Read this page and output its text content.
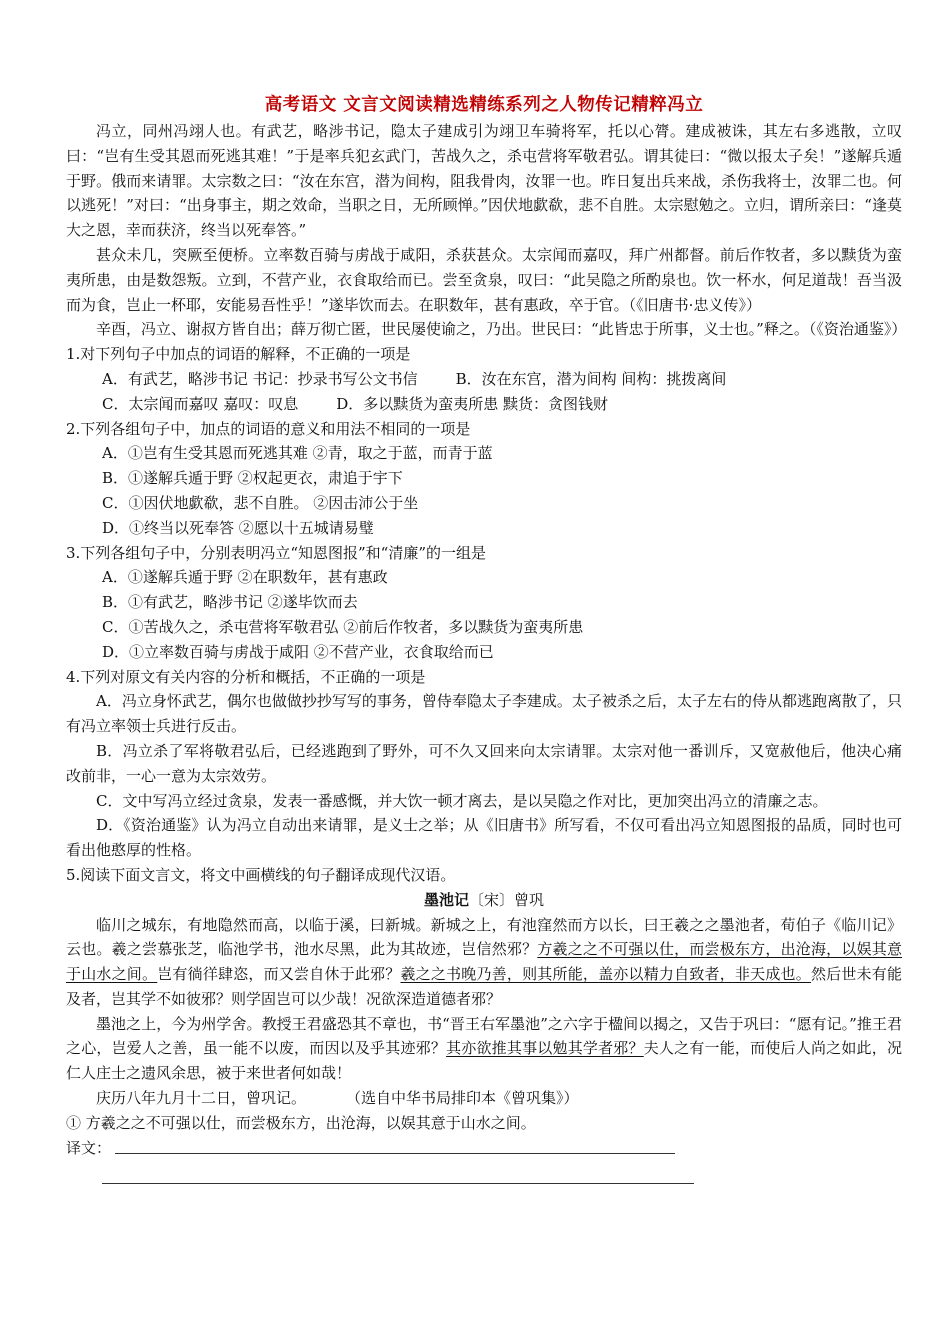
高考语文 文言文阅读精选精练系列之人物传记精粹冯立

冯立，同州冯翊人也。有武艺，略涉书记，隐太子建成引为翊卫车骑将军，托以心膂。建成被诛，其左右多逃散，立叹曰：“岂有生受其恩而死逃其难！”于是率兵犯玄武门，苦战久之，杀屯营将军敬君弘。谓其徒曰：“微以报太子矣！”遂解兵遁于野。俄而来请罪。太宗数之曰：“汝在东宫，潜为间构，阻我骨肉，汝罪一也。昨日复出兵来战，杀伤我将士，汝罪二也。何以逃死！”对曰：“出身事主，期之效命，当职之日，无所顾惮。”因伏地歔欷，悲不自胜。太宗慰勉之。立归，谓所亲曰：“逢莫大之恩，幸而获济，终当以死奉答。”

甚众未几，突厥至便桥。立率数百骑与虏战于咸阳，杀获甚众。太宗闻而嘉叹，拜广州都督。前后作牧者，多以黩货为蛮夷所患，由是数怨叛。立到，不营产业，衣食取给而已。尝至贪泉，叹曰：“此吴隐之所酌泉也。饮一杯水，何足道哉！吾当汲而为食，岂止一杯耶，安能易吾性乎！”遂毕饮而去。在职数年，甚有惠政，卒于官。（《旧唐书·忠义传》）

辛酉，冯立、谢叔方皆自出；薛万彻亡匿，世民屡使谕之，乃出。世民曰：“此皆忠于所事，义士也。”释之。（《资治通鉴》）

1.对下列句子中加点的词语的解释，不正确的一项是

A．有武艺，略涉书记 书记：抄录书写公文书信	B．汝在东宫，潜为间构 间构：挑拨离间

C．太宗闻而嘉叹 嘉叹：叹息	D．多以黩货为蛮夷所患 黩货：贪图钱财

2.下列各组句子中，加点的词语的意义和用法不相同的一项是

A．①岂有生受其恩而死逃其难 ②青，取之于蓝，而青于蓝

B．①遂解兵遁于野 ②权起更衣，肃追于宇下

C．①因伏地歔欷，悲不自胜。 ②因击沛公于坐

D．①终当以死奉答 ②愿以十五城请易璧

3.下列各组句子中，分别表明冯立“知恩图报”和“清廉”的一组是

A．①遂解兵遁于野 ②在职数年，甚有惠政

B．①有武艺，略涉书记 ②遂毕饮而去

C．①苦战久之，杀屯营将军敬君弘 ②前后作牧者，多以黩货为蛮夷所患

D．①立率数百骑与虏战于咸阳 ②不营产业，衣食取给而已

4.下列对原文有关内容的分析和概括，不正确的一项是

A．冯立身怀武艺，偶尔也做做抄抄写写的事务，曾侍奉隐太子李建成。太子被杀之后，太子左右的侍从都逃跑离散了，只有冯立率领士兵进行反击。

B．冯立杀了军将敬君弘后，已经逃跑到了野外，可不久又回来向太宗请罪。太宗对他一番训斥，又宽赦他后，他决心痛改前非，一心一意为太宗效劳。

C．文中写冯立经过贪泉，发表一番感慨，并大饮一顿才离去，是以吴隐之作对比，更加突出冯立的清廉之志。

D．《资治通鉴》认为冯立自动出来请罪，是义士之举；从《旧唐书》所写看，不仅可看出冯立知恩图报的品质，同时也可看出他憨厚的性格。

5.阅读下面文言文，将文中画横线的句子翻译成现代汉语。

墨池记〔宋〕曾巩

临川之城东，有地隐然而高，以临于溪，曰新城。新城之上，有池窪然而方以长，曰王羲之之墨池者，荀伯子《临川记》云也。羲之尝慕张芝，临池学书，池水尽黑，此为其故迹，岂信然邪？方羲之之不可强以仕，而尝极东方，出沧海，以娱其意于山水之间。岂有徜徉肆恣，而又尝自休于此邪？羲之之书晚乃善，则其所能，盖亦以精力自致者，非天成也。然后世未有能及者，岂其学不如彼邪？则学固岂可以少哉！况欲深造道德者邪？

墨池之上，今为州学舍。教授王君盛恐其不章也，书“晋王右军墨池”之六字于楹间以揭之，又告于巩曰：“愿有记。”推王君之心，岂爱人之善，虽一能不以废，而因以及乎其迹邪？其亦欲推其事以勉其学者邪？夫人之有一能，而使后人尚之如此，况仁人庄士之遗风余思，被于来世者何如哉！

庆历八年九月十二日，曾巩记。	（选自中华书局排印本《曾巩集》）

① 方羲之之不可强以仕，而尝极东方，出沧海，以娱其意于山水之间。

译文：
